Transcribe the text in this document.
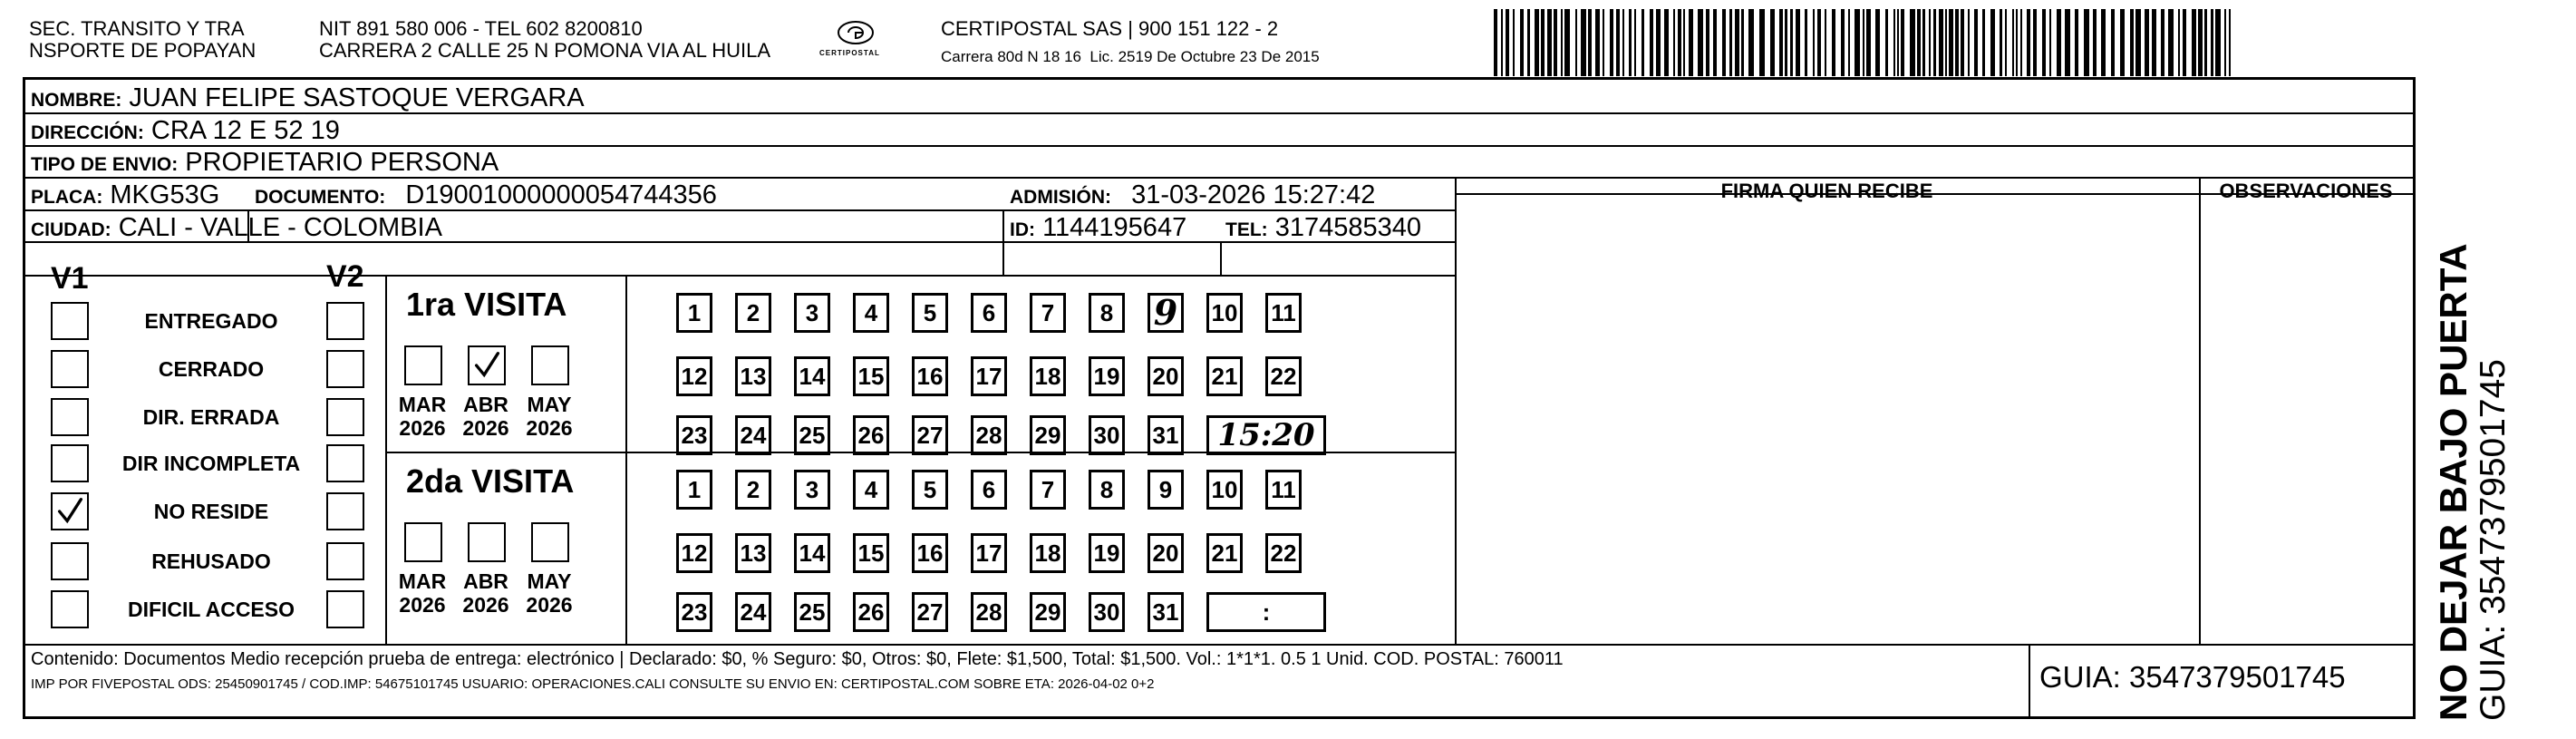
SEC. TRANSITO Y TRA
NSPORTE DE POPAYAN
NIT 891 580 006 - TEL 602 8200810
CARRERA 2 CALLE 25 N POMONA VIA AL HUILA	CERTIPOSTAL
CERTIPOSTAL SAS | 900 151 122 - 2
Carrera 80d N 18 16  Lic. 2519 De Octubre 23 De 2015
NOMBRE: JUAN FELIPE SASTOQUE VERGARA
DIRECCIÓN: CRA 12 E 52 19
TIPO DE ENVIO: PROPIETARIO PERSONA
FIRMA QUIEN RECIBE	OBSERVACIONES
PLACA: MKG53G DOCUMENTO: D19001000000054744356	ADMISIÓN: 31-03-2026 15:27:42
CIUDAD: CALI - VALLE - COLOMBIA	ID: 1144195647 TEL: 3174585340
V1	V2
ENTREGADO
CERRADO
DIR. ERRADA
DIR INCOMPLETA
NO RESIDE
REHUSADO
DIFICIL ACCESO
1ra VISITA
MAR
2026
ABR
2026
MAY
2026
1	2	3	4	5	6	7	8	9 10 11
12 13 14 15 16 17 18 19 20 21 22
23 24 25 26 27 28 29 30 31	15:20
2da VISITA
MAR
2026
ABR
2026
MAY
2026
1	2	3	4	5	6	7	8	9	10 11
12 13 14 15 16 17 18 19 20 21 22
23 24 25 26 27 28 29 30 31	:
Contenido: Documentos Medio recepción prueba de entrega: electrónico | Declarado: $0, % Seguro: $0, Otros: $0, Flete: $1,500, Total: $1,500. Vol.: 1*1*1. 0.5 1 Unid. COD. POSTAL: 760011
IMP POR FIVEPOSTAL ODS: 25450901745 / COD.IMP: 54675101745 USUARIO: OPERACIONES.CALI CONSULTE SU ENVIO EN: CERTIPOSTAL.COM SOBRE ETA: 2026-04-02 0+2	GUIA: 3547379501745 NO DEJAR BAJO PUERTA GUIA: 3547379501745
